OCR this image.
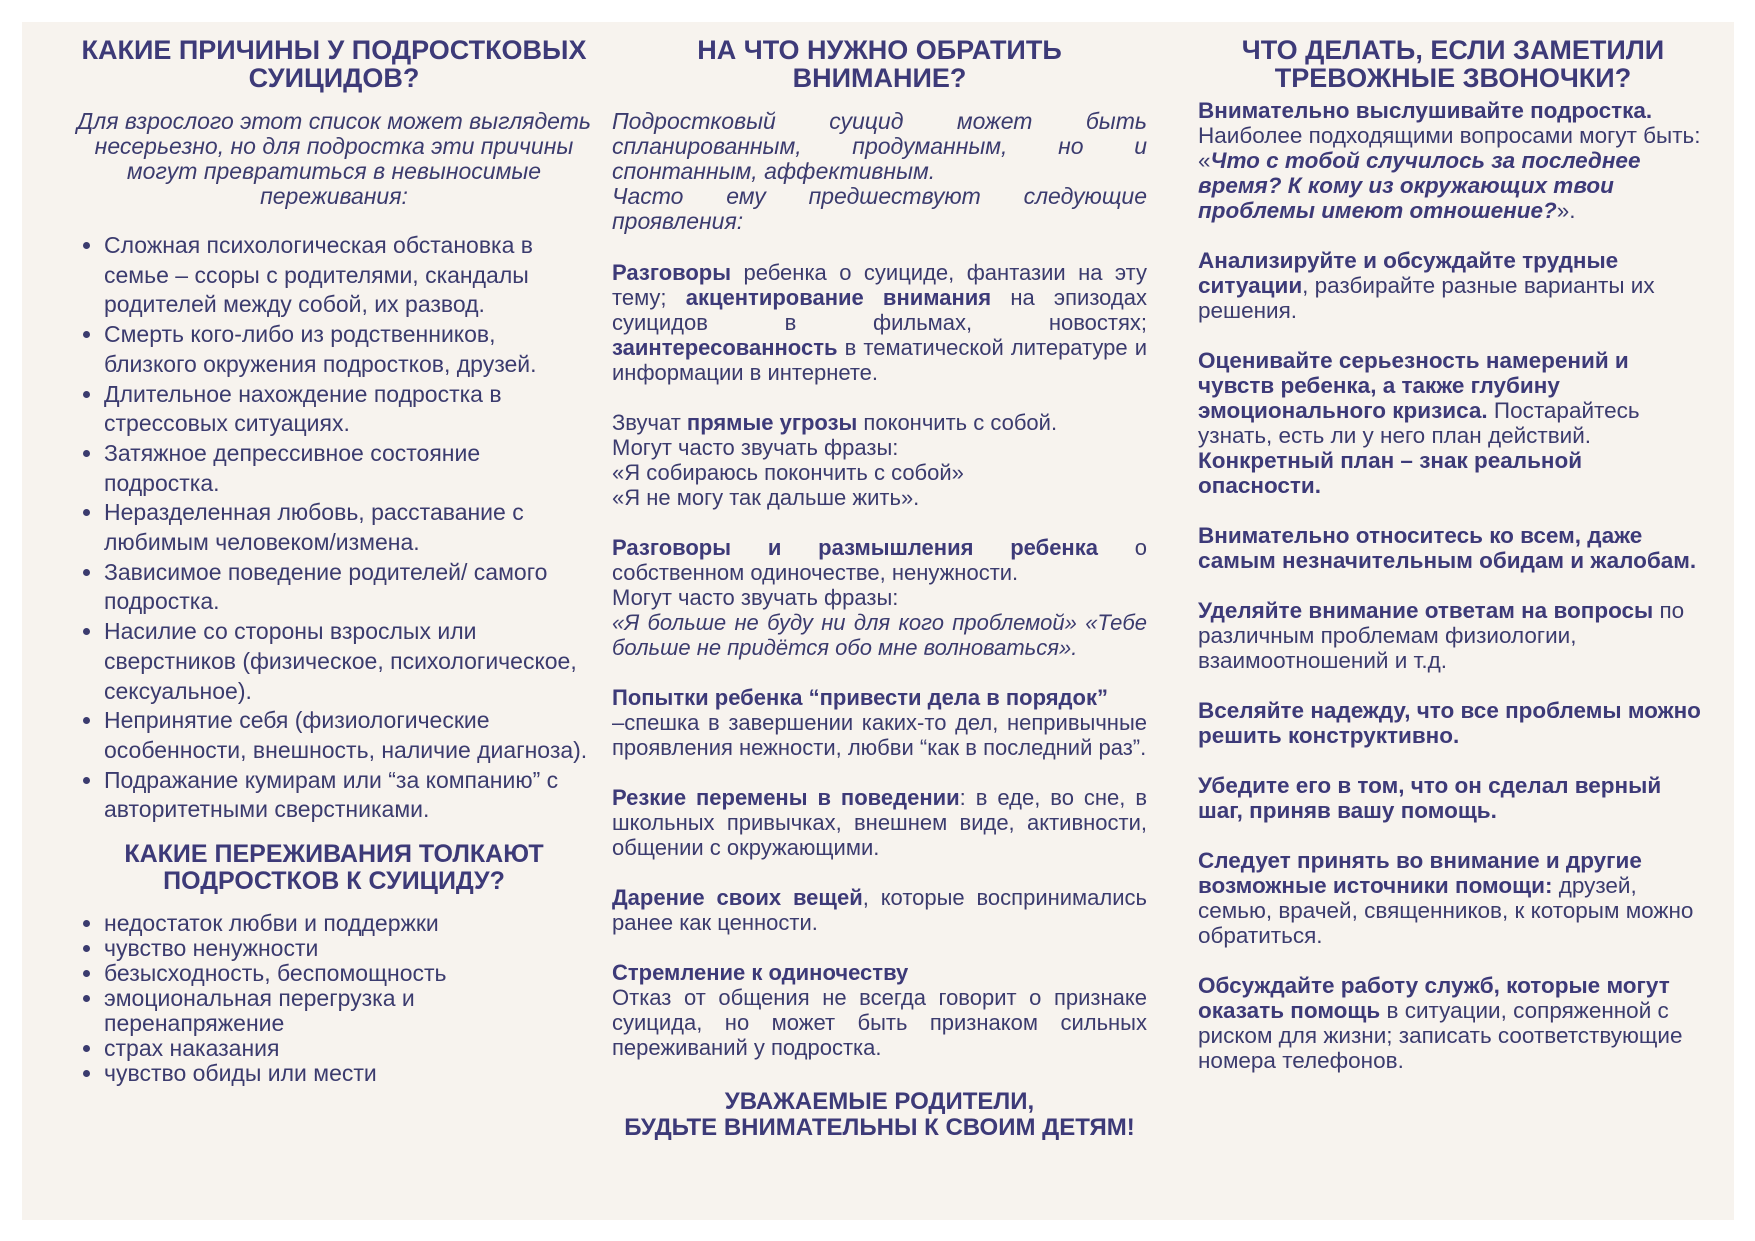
КАКИЕ ПРИЧИНЫ У ПОДРОСТКОВЫХ СУИЦИДОВ?
Для взрослого этот список может выглядеть несерьезно, но для подростка эти причины могут превратиться в невыносимые переживания:
• Сложная психологическая обстановка в семье – ссоры с родителями, скандалы родителей между собой, их развод.
• Смерть кого-либо из родственников, близкого окружения подростков, друзей.
• Длительное нахождение подростка в стрессовых ситуациях.
• Затяжное депрессивное состояние подростка.
• Неразделенная любовь, расставание с любимым человеком/измена.
• Зависимое поведение родителей/ самого подростка.
• Насилие со стороны взрослых или сверстников (физическое, психологическое, сексуальное).
• Непринятие себя (физиологические особенности, внешность, наличие диагноза).
• Подражание кумирам или “за компанию” с авторитетными сверстниками.
КАКИЕ ПЕРЕЖИВАНИЯ ТОЛКАЮТ ПОДРОСТКОВ К СУИЦИДУ?
• недостаток любви и поддержки
• чувство ненужности
• безысходность, беспомощность
• эмоциональная перегрузка и перенапряжение
• страх наказания
• чувство обиды или мести
НА ЧТО НУЖНО ОБРАТИТЬ ВНИМАНИЕ?
Подростковый суицид может быть спланированным, продуманным, но и спонтанным, аффективным.
Часто ему предшествуют следующие проявления:

Разговоры ребенка о суициде, фантазии на эту тему; акцентирование внимания на эпизодах суицидов в фильмах, новостях; заинтересованность в тематической литературе и информации в интернете.

Звучат прямые угрозы покончить с собой.
Могут часто звучать фразы:
«Я собираюсь покончить с собой»
«Я не могу так дальше жить».

Разговоры и размышления ребенка о собственном одиночестве, ненужности.
Могут часто звучать фразы:
«Я больше не буду ни для кого проблемой» «Тебе больше не придётся обо мне волноваться».

Попытки ребенка “привести дела в порядок”
–спешка в завершении каких-то дел, непривычные проявления нежности, любви “как в последний раз”.

Резкие перемены в поведении: в еде, во сне, в школьных привычках, внешнем виде, активности, общении с окружающими.

Дарение своих вещей, которые воспринимались ранее как ценности.

Стремление к одиночеству
Отказ от общения не всегда говорит о признаке суицида, но может быть признаком сильных переживаний у подростка.

УВАЖАЕМЫЕ РОДИТЕЛИ,
БУДЬТЕ ВНИМАТЕЛЬНЫ К СВОИМ ДЕТЯМ!
ЧТО ДЕЛАТЬ, ЕСЛИ ЗАМЕТИЛИ ТРЕВОЖНЫЕ ЗВОНОЧКИ?

Внимательно выслушивайте подростка. Наиболее подходящими вопросами могут быть: «Что с тобой случилось за последнее время? К кому из окружающих твои проблемы имеют отношение?».

Анализируйте и обсуждайте трудные ситуации, разбирайте разные варианты их решения.

Оценивайте серьезность намерений и чувств ребенка, а также глубину эмоционального кризиса. Постарайтесь узнать, есть ли у него план действий. Конкретный план – знак реальной опасности.

Внимательно относитесь ко всем, даже самым незначительным обидам и жалобам.

Уделяйте внимание ответам на вопросы по различным проблемам физиологии, взаимоотношений и т.д.

Вселяйте надежду, что все проблемы можно решить конструктивно.

Убедите его в том, что он сделал верный шаг, приняв вашу помощь.

Следует принять во внимание и другие возможные источники помощи: друзей, семью, врачей, священников, к которым можно обратиться.

Обсуждайте работу служб, которые могут оказать помощь в ситуации, сопряженной с риском для жизни; записать соответствующие номера телефонов.
